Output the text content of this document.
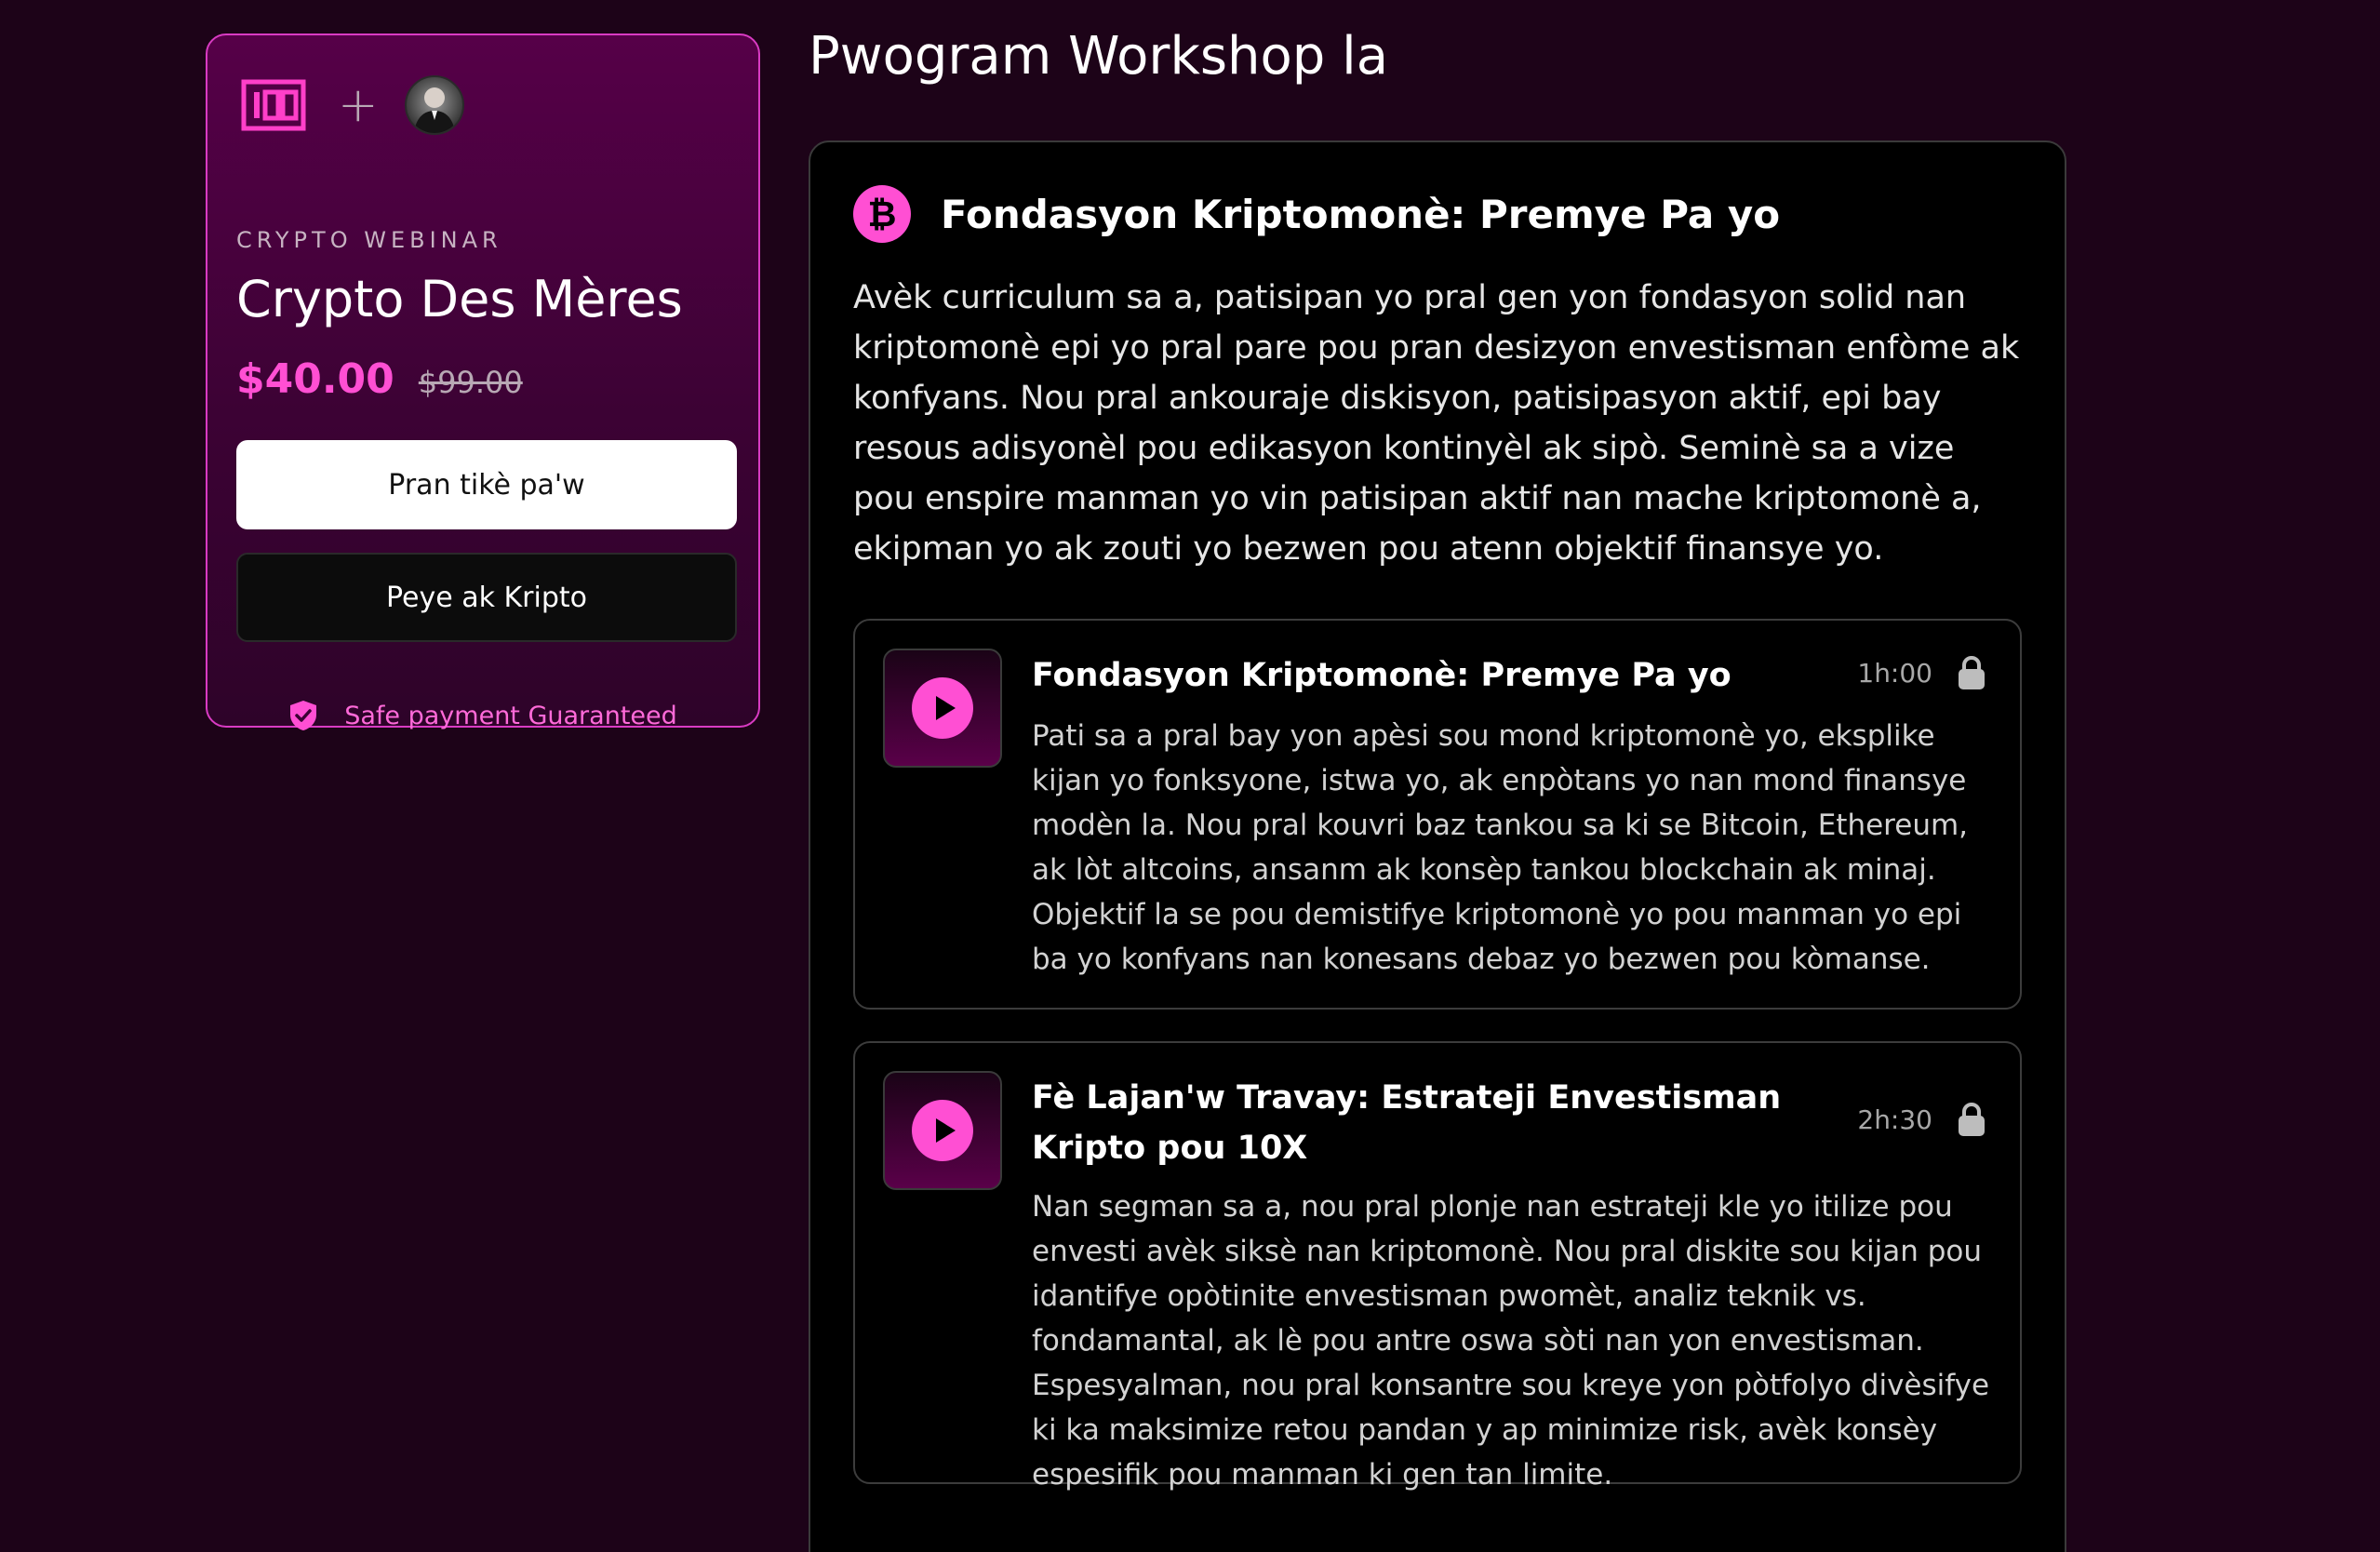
+
CRYPTO WEBINAR
Crypto Des Mères
$40.00 $99.00
Pran tikè pa'w
Peye ak Kripto
Safe payment Guaranteed
Pwogram Workshop la
₿ Fondasyon Kriptomonè: Premye Pa yo

Avèk curriculum sa a, patisipan yo pral gen yon fondasyon solid nan kriptomonè epi yo pral pare pou pran desizyon envestisman enfòme ak konfyans. Nou pral ankouraje diskisyon, patisipasyon aktif, epi bay resous adisyonèl pou edikasyon kontinyèl ak sipò. Seminè sa a vize pou enspire manman yo vin patisipan aktif nan mache kriptomonè a, ekipman yo ak zouti yo bezwen pou atenn objektif finansye yo.

Fondasyon Kriptomonè: Premye Pa yo	1h:00

Pati sa a pral bay yon apèsi sou mond kriptomonè yo, eksplike kijan yo fonksyone, istwa yo, ak enpòtans yo nan mond finansye modèn la. Nou pral kouvri baz tankou sa ki se Bitcoin, Ethereum, ak lòt altcoins, ansanm ak konsèp tankou blockchain ak minaj. Objektif la se pou demistifye kriptomonè yo pou manman yo epi ba yo konfyans nan konesans debaz yo bezwen pou kòmanse.

Fè Lajan'w Travay: Estrateji Envestisman Kripto pou 10X
2h:30

Nan segman sa a, nou pral plonje nan estrateji kle yo itilize pou envesti avèk siksè nan kriptomonè. Nou pral diskite sou kijan pou idantifye opòtinite envestisman pwomèt, analiz teknik vs. fondamantal, ak lè pou antre oswa sòti nan yon envestisman. Espesyalman, nou pral konsantre sou kreye yon pòtfolyo divèsifye ki ka maksimize retou pandan y ap minimize risk, avèk konsèy espesifik pou manman ki gen tan limite.
